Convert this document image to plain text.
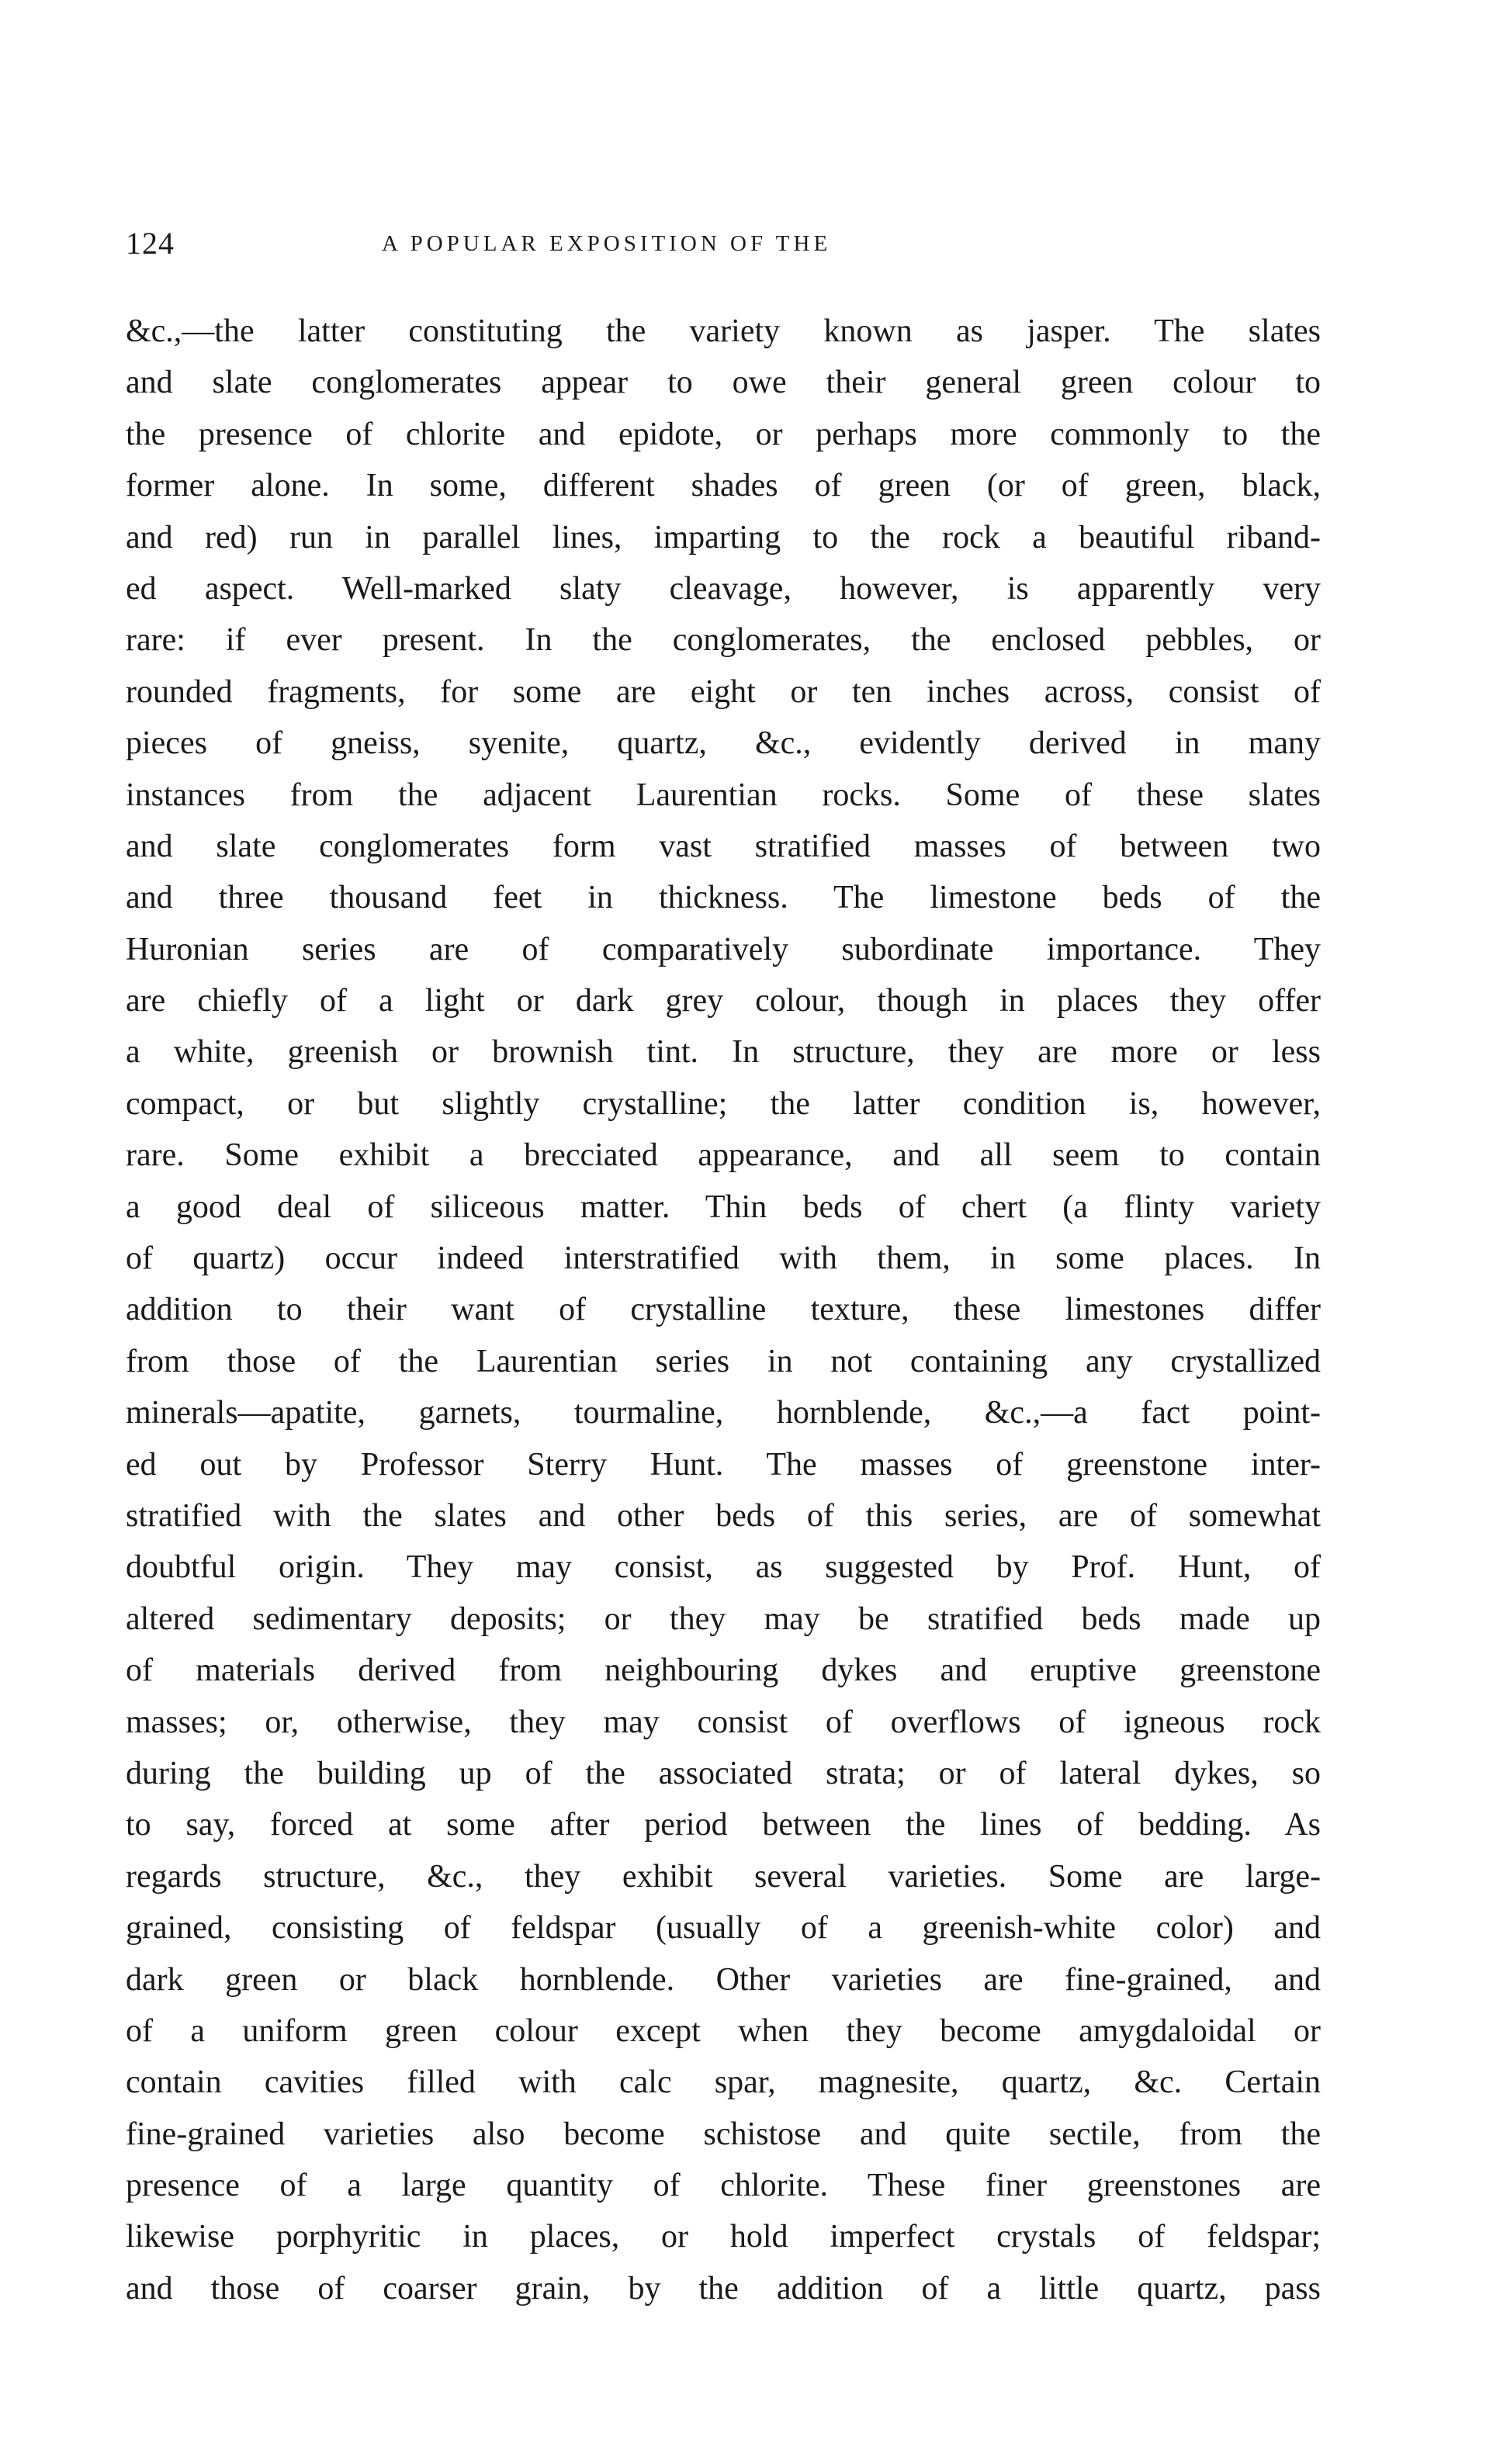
124	A POPULAR EXPOSITION OF THE
&c.,—the latter constituting the variety known as jasper. The slates
and slate conglomerates appear to owe their general green colour to
the presence of chlorite and epidote, or perhaps more commonly to the
former alone. In some, different shades of green (or of green, black,
and red) run in parallel lines, imparting to the rock a beautiful riband-
ed aspect. Well-marked slaty cleavage, however, is apparently very
rare: if ever present. In the conglomerates, the enclosed pebbles, or
rounded fragments, for some are eight or ten inches across, consist of
pieces of gneiss, syenite, quartz, &c., evidently derived in many
instances from the adjacent Laurentian rocks. Some of these slates
and slate conglomerates form vast stratified masses of between two
and three thousand feet in thickness. The limestone beds of the
Huronian series are of comparatively subordinate importance. They
are chiefly of a light or dark grey colour, though in places they offer
a white, greenish or brownish tint. In structure, they are more or less
compact, or but slightly crystalline; the latter condition is, however,
rare. Some exhibit a brecciated appearance, and all seem to contain
a good deal of siliceous matter. Thin beds of chert (a flinty variety
of quartz) occur indeed interstratified with them, in some places. In
addition to their want of crystalline texture, these limestones differ
from those of the Laurentian series in not containing any crystallized
minerals—apatite, garnets, tourmaline, hornblende, &c.,—a fact point-
ed out by Professor Sterry Hunt. The masses of greenstone inter-
stratified with the slates and other beds of this series, are of somewhat
doubtful origin. They may consist, as suggested by Prof. Hunt, of
altered sedimentary deposits; or they may be stratified beds made up
of materials derived from neighbouring dykes and eruptive greenstone
masses; or, otherwise, they may consist of overflows of igneous rock
during the building up of the associated strata; or of lateral dykes, so
to say, forced at some after period between the lines of bedding. As
regards structure, &c., they exhibit several varieties. Some are large-
grained, consisting of feldspar (usually of a greenish-white color) and
dark green or black hornblende. Other varieties are fine-grained, and
of a uniform green colour except when they become amygdaloidal or
contain cavities filled with calc spar, magnesite, quartz, &c. Certain
fine-grained varieties also become schistose and quite sectile, from the
presence of a large quantity of chlorite. These finer greenstones are
likewise porphyritic in places, or hold imperfect crystals of feldspar;
and those of coarser grain, by the addition of a little quartz, pass
